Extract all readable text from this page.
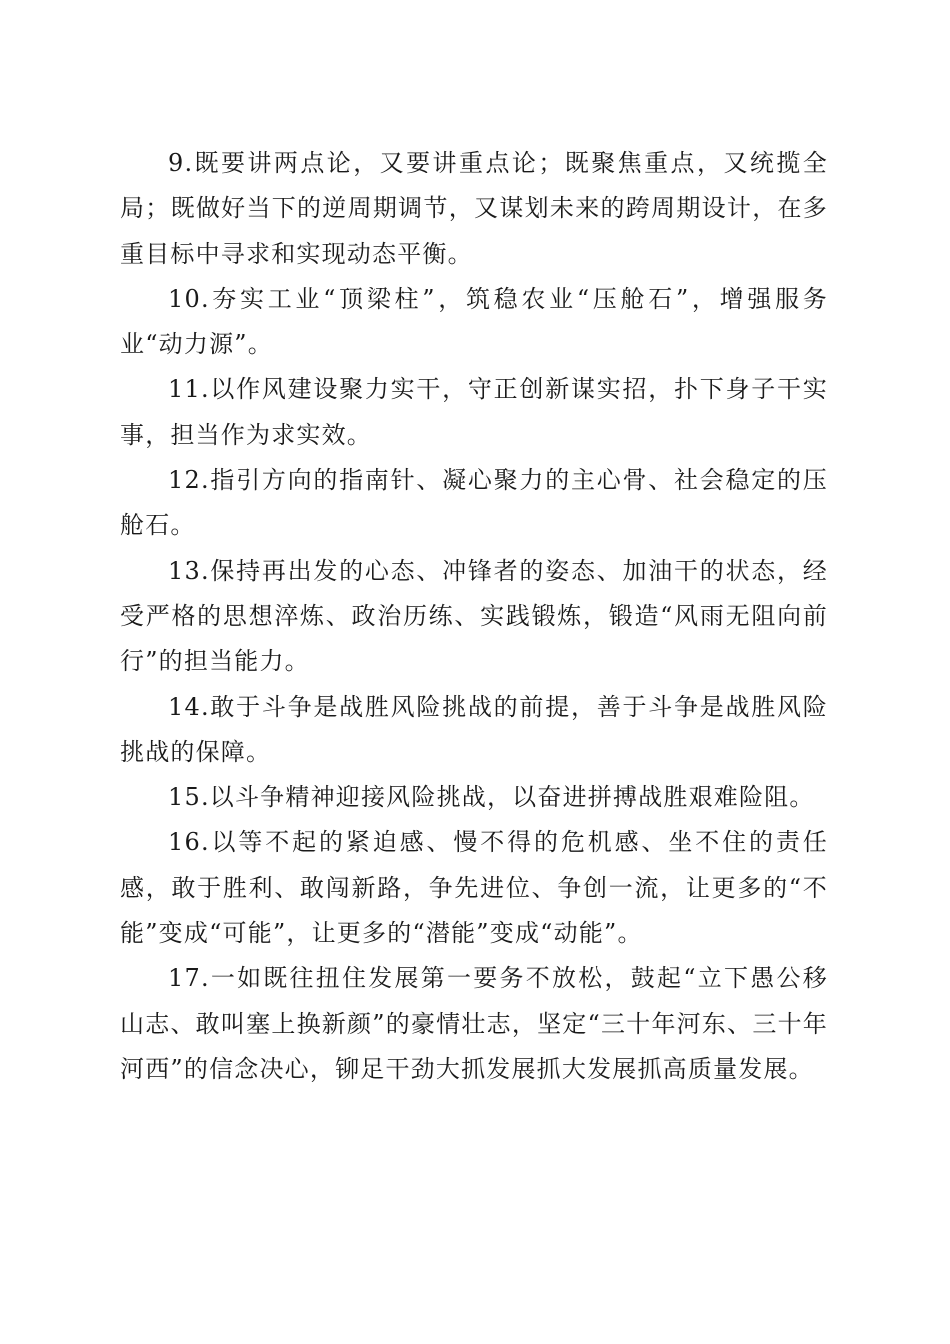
9.既要讲两点论，又要讲重点论；既聚焦重点，又统揽全局；既做好当下的逆周期调节，又谋划未来的跨周期设计，在多重目标中寻求和实现动态平衡。

10.夯实工业“顶梁柱”，筑稳农业“压舱石”，增强服务业“动力源”。

11.以作风建设聚力实干，守正创新谋实招，扑下身子干实事，担当作为求实效。

12.指引方向的指南针、凝心聚力的主心骨、社会稳定的压舱石。

13.保持再出发的心态、冲锋者的姿态、加油干的状态，经受严格的思想淬炼、政治历练、实践锻炼，锻造“风雨无阻向前行”的担当能力。

14.敢于斗争是战胜风险挑战的前提，善于斗争是战胜风险挑战的保障。

15.以斗争精神迎接风险挑战，以奋进拼搏战胜艰难险阻。

16.以等不起的紧迫感、慢不得的危机感、坐不住的责任感，敢于胜利、敢闯新路，争先进位、争创一流，让更多的“不能”变成“可能”，让更多的“潜能”变成“动能”。

17.一如既往扭住发展第一要务不放松，鼓起“立下愚公移山志、敢叫塞上换新颜”的豪情壮志，坚定“三十年河东、三十年河西”的信念决心，铆足干劲大抓发展抓大发展抓高质量发展。
